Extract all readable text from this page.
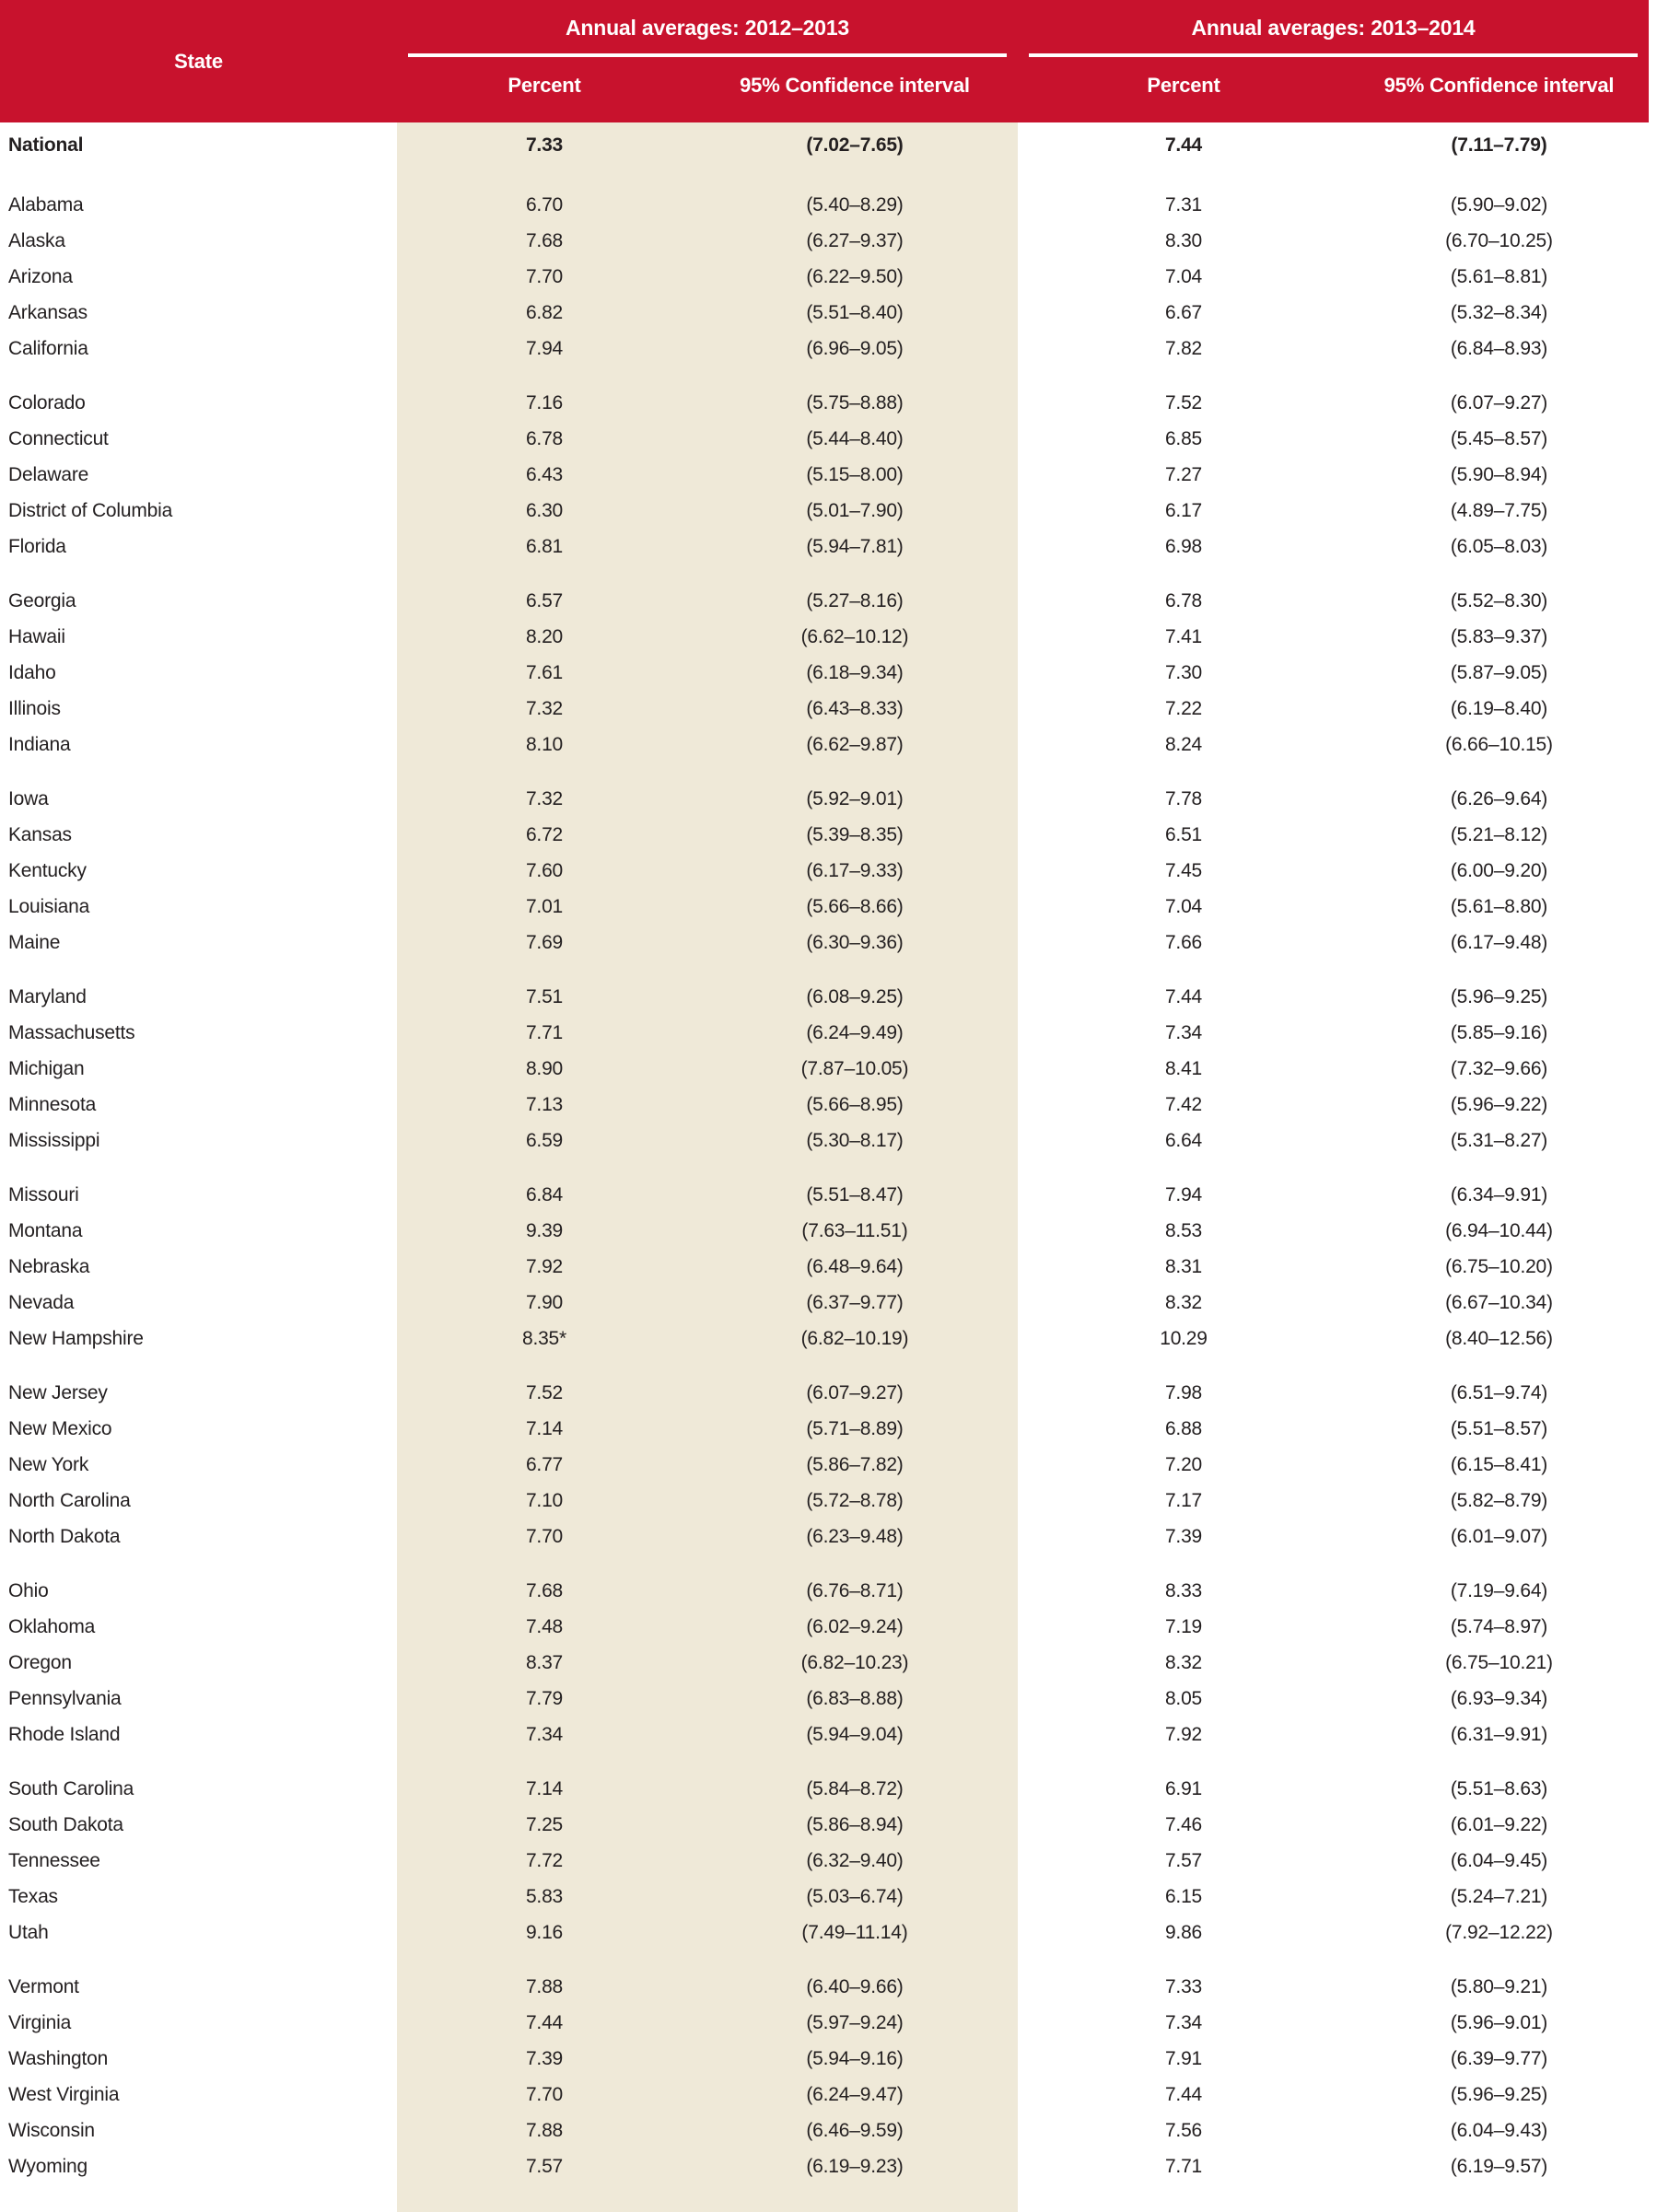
State	Annual averages: 2012–2013		Annual averages: 2013–2014	

	Percent	95% Confidence interval	Percent	95% Confidence interval
National	7.33	(7.02–7.65)	7.44	(7.11–7.79)

Alabama	6.70	(5.40–8.29)	7.31	(5.90–9.02)
Alaska	7.68	(6.27–9.37)	8.30	(6.70–10.25)
Arizona	7.70	(6.22–9.50)	7.04	(5.61–8.81)
Arkansas	6.82	(5.51–8.40)	6.67	(5.32–8.34)
California	7.94	(6.96–9.05)	7.82	(6.84–8.93)

Colorado	7.16	(5.75–8.88)	7.52	(6.07–9.27)
Connecticut	6.78	(5.44–8.40)	6.85	(5.45–8.57)
Delaware	6.43	(5.15–8.00)	7.27	(5.90–8.94)
District of Columbia	6.30	(5.01–7.90)	6.17	(4.89–7.75)
Florida	6.81	(5.94–7.81)	6.98	(6.05–8.03)

Georgia	6.57	(5.27–8.16)	6.78	(5.52–8.30)
Hawaii	8.20	(6.62–10.12)	7.41	(5.83–9.37)
Idaho	7.61	(6.18–9.34)	7.30	(5.87–9.05)
Illinois	7.32	(6.43–8.33)	7.22	(6.19–8.40)
Indiana	8.10	(6.62–9.87)	8.24	(6.66–10.15)

Iowa	7.32	(5.92–9.01)	7.78	(6.26–9.64)
Kansas	6.72	(5.39–8.35)	6.51	(5.21–8.12)
Kentucky	7.60	(6.17–9.33)	7.45	(6.00–9.20)
Louisiana	7.01	(5.66–8.66)	7.04	(5.61–8.80)
Maine	7.69	(6.30–9.36)	7.66	(6.17–9.48)

Maryland	7.51	(6.08–9.25)	7.44	(5.96–9.25)
Massachusetts	7.71	(6.24–9.49)	7.34	(5.85–9.16)
Michigan	8.90	(7.87–10.05)	8.41	(7.32–9.66)
Minnesota	7.13	(5.66–8.95)	7.42	(5.96–9.22)
Mississippi	6.59	(5.30–8.17)	6.64	(5.31–8.27)

Missouri	6.84	(5.51–8.47)	7.94	(6.34–9.91)
Montana	9.39	(7.63–11.51)	8.53	(6.94–10.44)
Nebraska	7.92	(6.48–9.64)	8.31	(6.75–10.20)
Nevada	7.90	(6.37–9.77)	8.32	(6.67–10.34)
New Hampshire	8.35*	(6.82–10.19)	10.29	(8.40–12.56)

New Jersey	7.52	(6.07–9.27)	7.98	(6.51–9.74)
New Mexico	7.14	(5.71–8.89)	6.88	(5.51–8.57)
New York	6.77	(5.86–7.82)	7.20	(6.15–8.41)
North Carolina	7.10	(5.72–8.78)	7.17	(5.82–8.79)
North Dakota	7.70	(6.23–9.48)	7.39	(6.01–9.07)

Ohio	7.68	(6.76–8.71)	8.33	(7.19–9.64)
Oklahoma	7.48	(6.02–9.24)	7.19	(5.74–8.97)
Oregon	8.37	(6.82–10.23)	8.32	(6.75–10.21)
Pennsylvania	7.79	(6.83–8.88)	8.05	(6.93–9.34)
Rhode Island	7.34	(5.94–9.04)	7.92	(6.31–9.91)

South Carolina	7.14	(5.84–8.72)	6.91	(5.51–8.63)
South Dakota	7.25	(5.86–8.94)	7.46	(6.01–9.22)
Tennessee	7.72	(6.32–9.40)	7.57	(6.04–9.45)
Texas	5.83	(5.03–6.74)	6.15	(5.24–7.21)
Utah	9.16	(7.49–11.14)	9.86	(7.92–12.22)

Vermont	7.88	(6.40–9.66)	7.33	(5.80–9.21)
Virginia	7.44	(5.97–9.24)	7.34	(5.96–9.01)
Washington	7.39	(5.94–9.16)	7.91	(6.39–9.77)
West Virginia	7.70	(6.24–9.47)	7.44	(5.96–9.25)
Wisconsin	7.88	(6.46–9.59)	7.56	(6.04–9.43)
Wyoming	7.57	(6.19–9.23)	7.71	(6.19–9.57)
